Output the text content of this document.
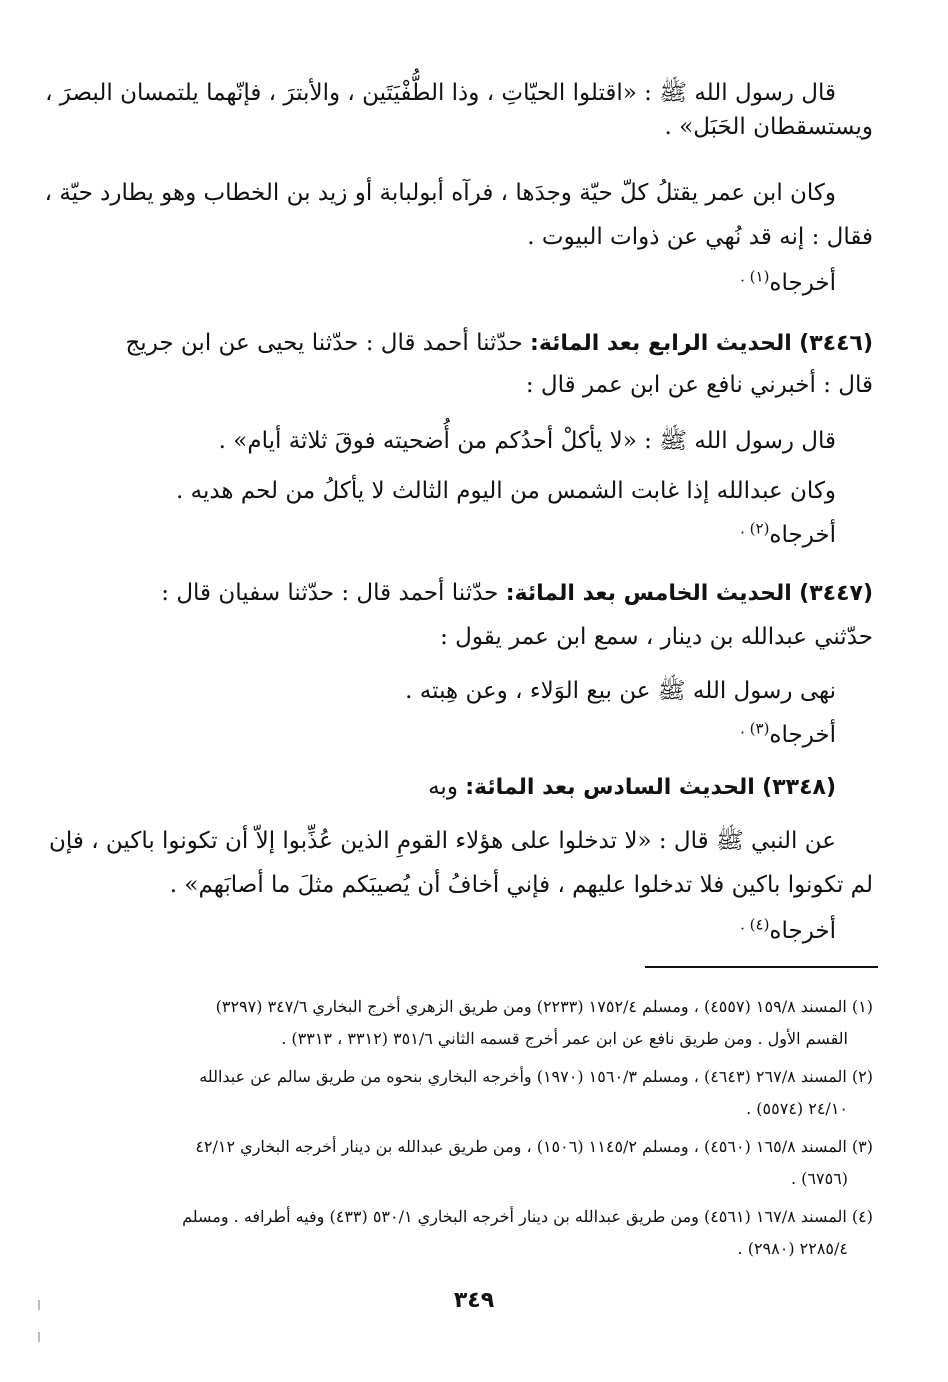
قال رسول الله ﷺ : «اقتلوا الحيّاتِ ، وذا الطُّفْيَتَين ، والأبترَ ، فإنّهما يلتمسان البصرَ ،
ويستسقطان الحَبَل» .
وكان ابن عمر يقتلُ كلّ حيّة وجدَها ، فرآه أبولبابة أو زيد بن الخطاب وهو يطارد حيّة ،
فقال : إنه قد نُهي عن ذوات البيوت .
أخرجاه$^{(١) .}$
(٣٤٤٦) الحديث الرابع بعد المائة: حدّثنا أحمد قال : حدّثنا يحيى عن ابن جريج
قال : أخبرني نافع عن ابن عمر قال :
قال رسول الله ﷺ : «لا يأكلْ أحدُكم من أُضحيته فوقَ ثلاثة أيام» .
وكان عبدالله إذا غابت الشمس من اليوم الثالث لا يأكلُ من لحم هديه .
أخرجاه$^{(٢) .}$
(٣٤٤٧) الحديث الخامس بعد المائة: حدّثنا أحمد قال : حدّثنا سفيان قال :
حدّثني عبدالله بن دينار ، سمع ابن عمر يقول :
نهى رسول الله ﷺ عن بيع الوَلاء ، وعن هِبته .
أخرجاه$^{(٣) .}$
(٣٣٤٨) الحديث السادس بعد المائة: وبه
عن النبي ﷺ قال : «لا تدخلوا على هؤلاء القومِ الذين عُذِّبوا إلاّ أن تكونوا باكين ، فإن
لم تكونوا باكين فلا تدخلوا عليهم ، فإني أخافُ أن يُصيبَكم مثلَ ما أصابَهم» .
أخرجاه$^{(٤) .}$
(١) المسند ١٥٩/٨ (٤٥٥٧) ، ومسلم ١٧٥٢/٤ (٢٢٣٣) ومن طريق الزهري أخرج البخاري ٣٤٧/٦ (٣٢٩٧)
القسم الأول . ومن طريق نافع عن ابن عمر أخرج قسمه الثاني ٣٥١/٦ (٣٣١٢ ، ٣٣١٣) .
(٢) المسند ٢٦٧/٨ (٤٦٤٣) ، ومسلم ١٥٦٠/٣ (١٩٧٠) وأخرجه البخاري بنحوه من طريق سالم عن عبدالله
٢٤/١٠ (٥٥٧٤) .
(٣) المسند ١٦٥/٨ (٤٥٦٠) ، ومسلم ١١٤٥/٢ (١٥٠٦) ، ومن طريق عبدالله بن دينار أخرجه البخاري ٤٢/١٢
(٦٧٥٦) .
(٤) المسند ١٦٧/٨ (٤٥٦١) ومن طريق عبدالله بن دينار أخرجه البخاري ٥٣٠/١ (٤٣٣) وفيه أطرافه . ومسلم
٢٢٨٥/٤ (٢٩٨٠) .
٣٤٩
